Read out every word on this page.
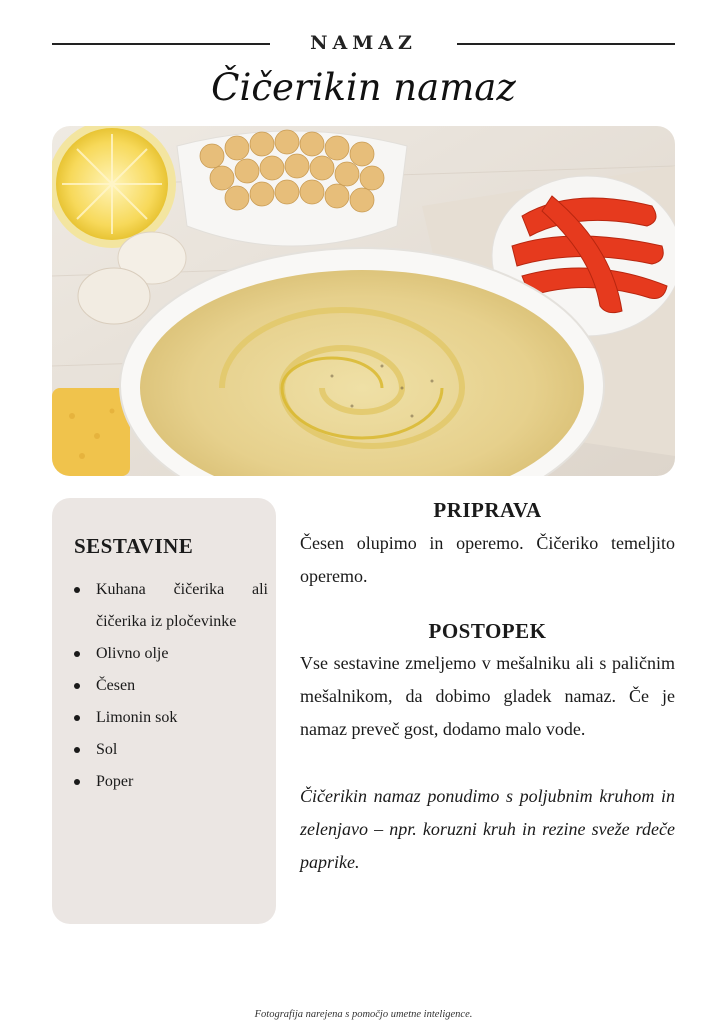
NAMAZ
Čičerikin namaz
SESTAVINE
Kuhana čičerika ali čičerika iz pločevinke
Olivno olje
Česen
Limonin sok
Sol
Poper
PRIPRAVA

Česen olupimo in operemo. Čičeriko temeljito operemo.

POSTOPEK

Vse sestavine zmeljemo v mešalniku ali s paličnim mešalnikom, da dobimo gladek namaz. Če je namaz preveč gost, dodamo malo vode.

Čičerikin namaz ponudimo s poljubnim kruhom in zelenjavo – npr. koruzni kruh in rezine sveže rdeče paprike.

Fotografija narejena s pomočjo umetne inteligence.
